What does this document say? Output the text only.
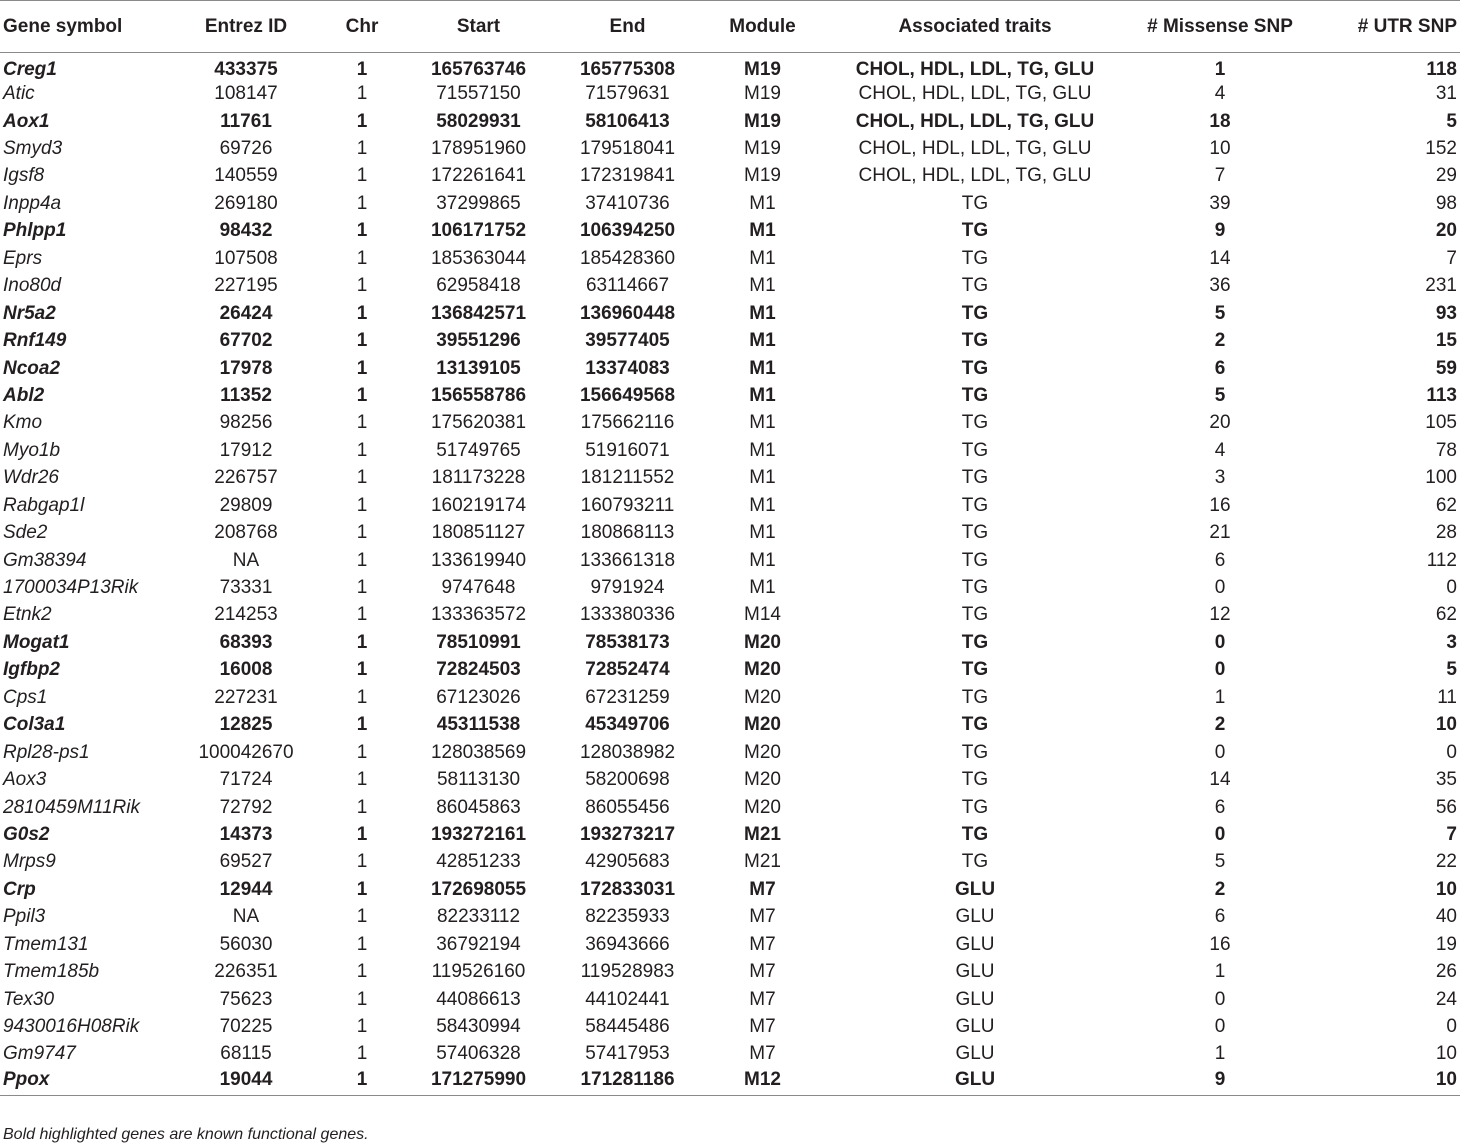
Gene symbol	Entrez ID	Chr	Start	End	Module	Associated traits	# Missense SNP	# UTR SNP
Creg1	433375	1	165763746	165775308	M19	CHOL, HDL, LDL, TG, GLU	1	118
Atic	108147	1	71557150	71579631	M19	CHOL, HDL, LDL, TG, GLU	4	31
Aox1	11761	1	58029931	58106413	M19	CHOL, HDL, LDL, TG, GLU	18	5
Smyd3	69726	1	178951960	179518041	M19	CHOL, HDL, LDL, TG, GLU	10	152
Igsf8	140559	1	172261641	172319841	M19	CHOL, HDL, LDL, TG, GLU	7	29
Inpp4a	269180	1	37299865	37410736	M1	TG	39	98
Phlpp1	98432	1	106171752	106394250	M1	TG	9	20
Eprs	107508	1	185363044	185428360	M1	TG	14	7
Ino80d	227195	1	62958418	63114667	M1	TG	36	231
Nr5a2	26424	1	136842571	136960448	M1	TG	5	93
Rnf149	67702	1	39551296	39577405	M1	TG	2	15
Ncoa2	17978	1	13139105	13374083	M1	TG	6	59
Abl2	11352	1	156558786	156649568	M1	TG	5	113
Kmo	98256	1	175620381	175662116	M1	TG	20	105
Myo1b	17912	1	51749765	51916071	M1	TG	4	78
Wdr26	226757	1	181173228	181211552	M1	TG	3	100
Rabgap1l	29809	1	160219174	160793211	M1	TG	16	62
Sde2	208768	1	180851127	180868113	M1	TG	21	28
Gm38394	NA	1	133619940	133661318	M1	TG	6	112
1700034P13Rik	73331	1	9747648	9791924	M1	TG	0	0
Etnk2	214253	1	133363572	133380336	M14	TG	12	62
Mogat1	68393	1	78510991	78538173	M20	TG	0	3
Igfbp2	16008	1	72824503	72852474	M20	TG	0	5
Cps1	227231	1	67123026	67231259	M20	TG	1	11
Col3a1	12825	1	45311538	45349706	M20	TG	2	10
Rpl28-ps1	100042670	1	128038569	128038982	M20	TG	0	0
Aox3	71724	1	58113130	58200698	M20	TG	14	35
2810459M11Rik	72792	1	86045863	86055456	M20	TG	6	56
G0s2	14373	1	193272161	193273217	M21	TG	0	7
Mrps9	69527	1	42851233	42905683	M21	TG	5	22
Crp	12944	1	172698055	172833031	M7	GLU	2	10
Ppil3	NA	1	82233112	82235933	M7	GLU	6	40
Tmem131	56030	1	36792194	36943666	M7	GLU	16	19
Tmem185b	226351	1	119526160	119528983	M7	GLU	1	26
Tex30	75623	1	44086613	44102441	M7	GLU	0	24
9430016H08Rik	70225	1	58430994	58445486	M7	GLU	0	0
Gm9747	68115	1	57406328	57417953	M7	GLU	1	10
Ppox	19044	1	171275990	171281186	M12	GLU	9	10
Bold highlighted genes are known functional genes.
